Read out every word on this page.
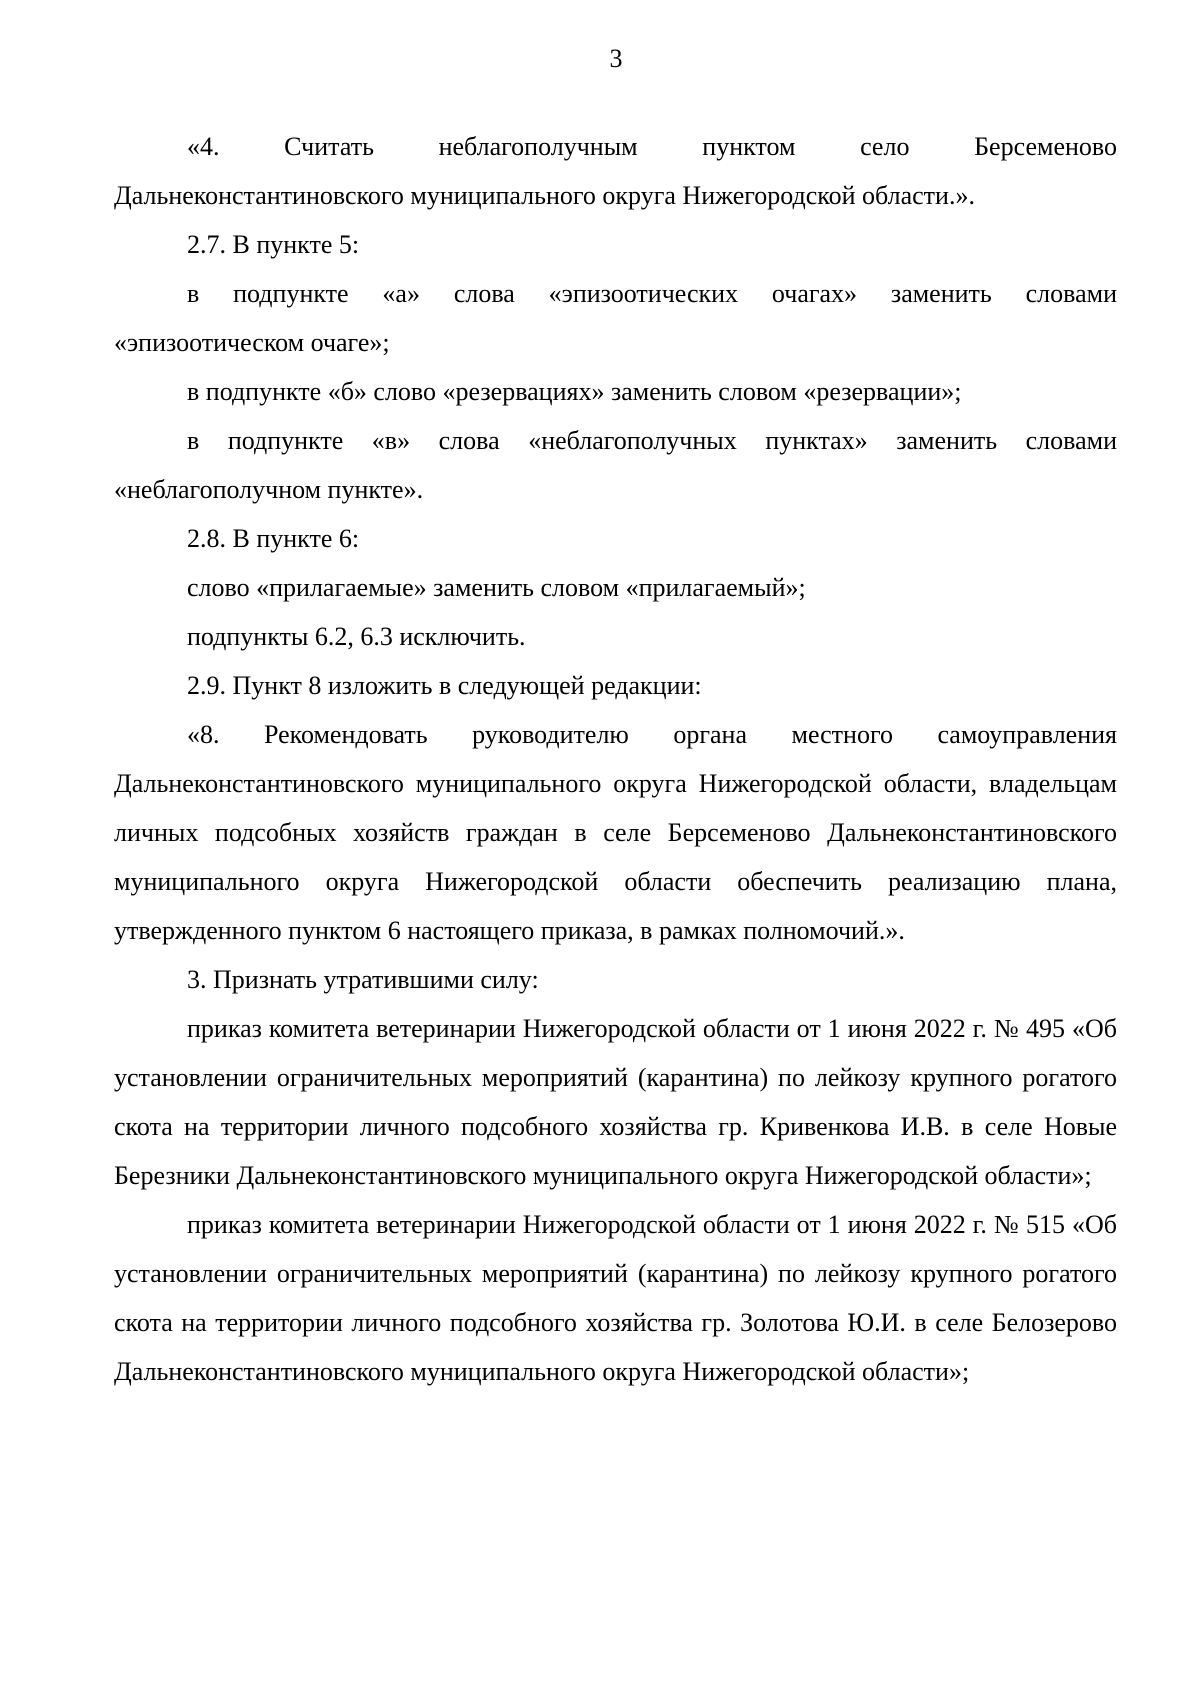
3

«4. Считать неблагополучным пунктом село Берсеменово Дальнеконстантиновского муниципального округа Нижегородской области.».

2.7. В пункте 5:

в подпункте «а» слова «эпизоотических очагах» заменить словами «эпизоотическом очаге»;

в подпункте «б» слово «резервациях» заменить словом «резервации»;

в подпункте «в» слова «неблагополучных пунктах» заменить словами «неблагополучном пункте».

2.8. В пункте 6:

слово «прилагаемые» заменить словом «прилагаемый»;

подпункты 6.2, 6.3 исключить.

2.9. Пункт 8 изложить в следующей редакции:

«8. Рекомендовать руководителю органа местного самоуправления Дальнеконстантиновского муниципального округа Нижегородской области, владельцам личных подсобных хозяйств граждан в селе Берсеменово Дальнеконстантиновского муниципального округа Нижегородской области обеспечить реализацию плана, утвержденного пунктом 6 настоящего приказа, в рамках полномочий.».

3. Признать утратившими силу:

приказ комитета ветеринарии Нижегородской области от 1 июня 2022 г. № 495 «Об установлении ограничительных мероприятий (карантина) по лейкозу крупного рогатого скота на территории личного подсобного хозяйства гр. Кривенкова И.В. в селе Новые Березники Дальнеконстантиновского муниципального округа Нижегородской области»;

приказ комитета ветеринарии Нижегородской области от 1 июня 2022 г. № 515 «Об установлении ограничительных мероприятий (карантина) по лейкозу крупного рогатого скота на территории личного подсобного хозяйства гр. Золотова Ю.И. в селе Белозерово Дальнеконстантиновского муниципального округа Нижегородской области»;
